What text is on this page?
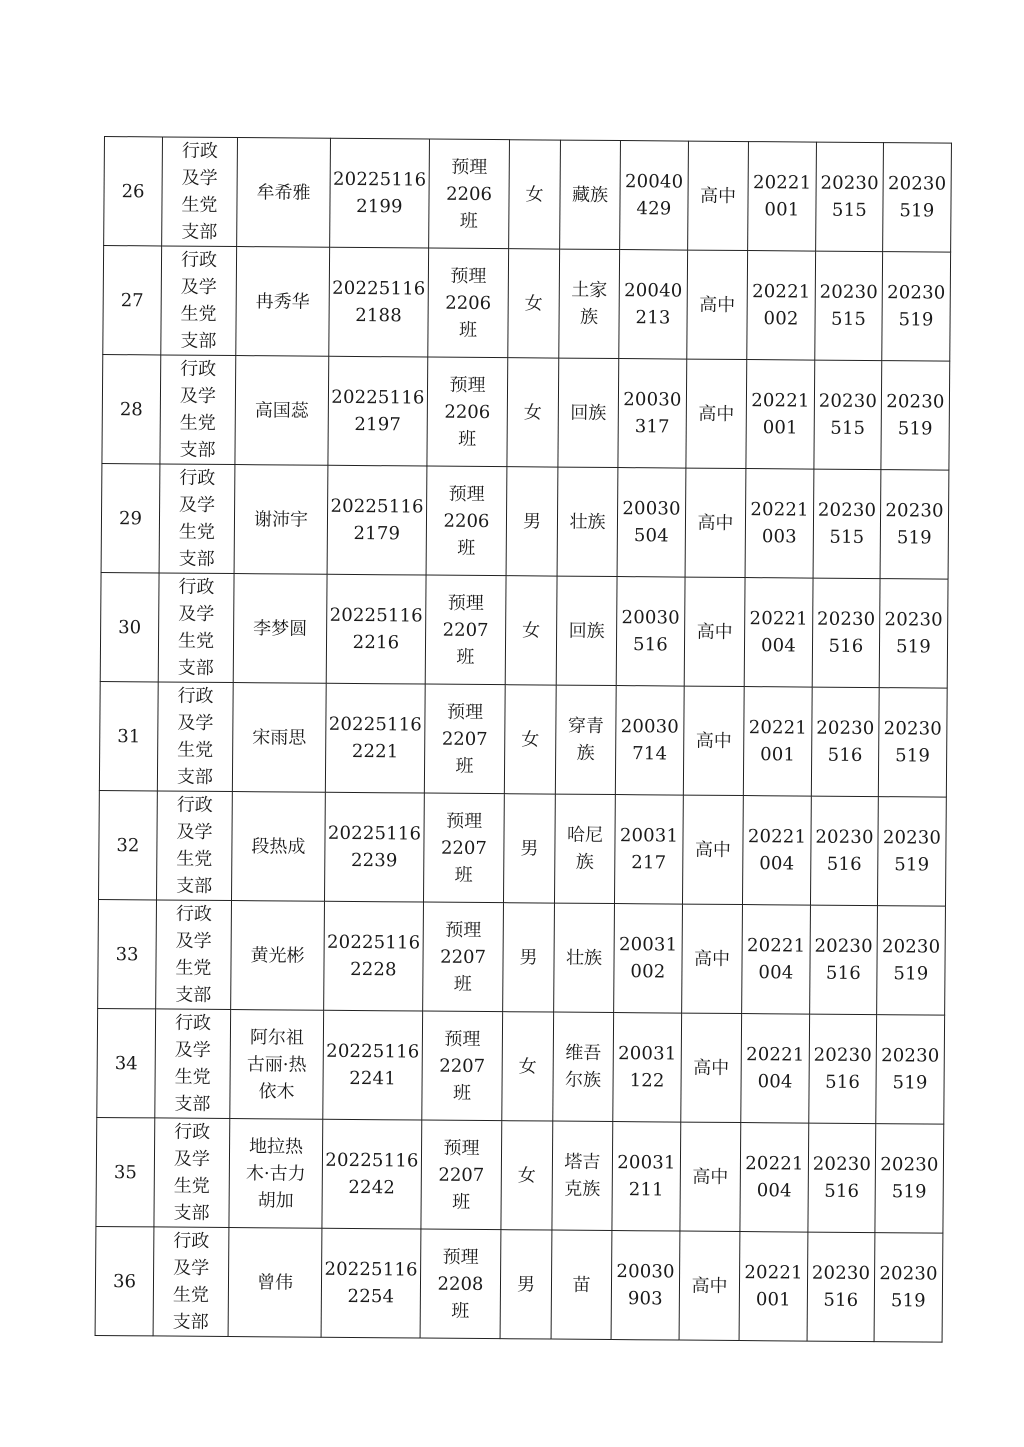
26	行政
及学
生党
支部	牟希雅	20225116
2199	预理
2206
班	女	藏族	20040
429	高中	20221
001	20230
515	20230
519
27	行政
及学
生党
支部	冉秀华	20225116
2188	预理
2206
班	女	土家
族	20040
213	高中	20221
002	20230
515	20230
519
28	行政
及学
生党
支部	高国蕊	20225116
2197	预理
2206
班	女	回族	20030
317	高中	20221
001	20230
515	20230
519
29	行政
及学
生党
支部	谢沛宇	20225116
2179	预理
2206
班	男	壮族	20030
504	高中	20221
003	20230
515	20230
519
30	行政
及学
生党
支部	李梦圆	20225116
2216	预理
2207
班	女	回族	20030
516	高中	20221
004	20230
516	20230
519
31	行政
及学
生党
支部	宋雨思	20225116
2221	预理
2207
班	女	穿青
族	20030
714	高中	20221
001	20230
516	20230
519
32	行政
及学
生党
支部	段热成	20225116
2239	预理
2207
班	男	哈尼
族	20031
217	高中	20221
004	20230
516	20230
519
33	行政
及学
生党
支部	黄光彬	20225116
2228	预理
2207
班	男	壮族	20031
002	高中	20221
004	20230
516	20230
519
34	行政
及学
生党
支部	阿尔祖
古丽·热
依木	20225116
2241	预理
2207
班	女	维吾
尔族	20031
122	高中	20221
004	20230
516	20230
519
35	行政
及学
生党
支部	地拉热
木·古力
胡加	20225116
2242	预理
2207
班	女	塔吉
克族	20031
211	高中	20221
004	20230
516	20230
519
36	行政
及学
生党
支部	曾伟	20225116
2254	预理
2208
班	男	苗	20030
903	高中	20221
001	20230
516	20230
519
